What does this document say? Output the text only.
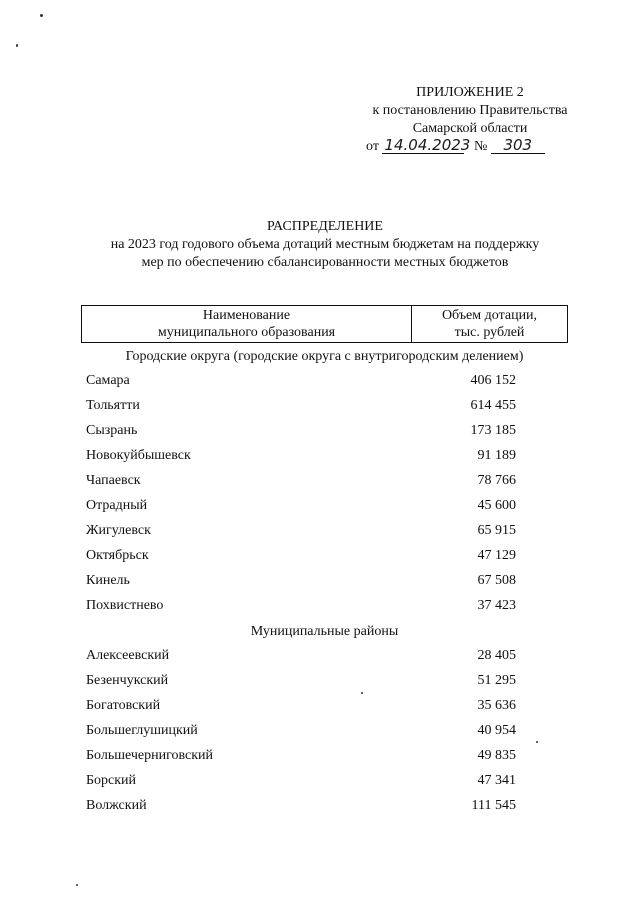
ПРИЛОЖЕНИЕ 2
к постановлению Правительства
Самарской области
от 14.04.2023 № 303
РАСПРЕДЕЛЕНИЕ
на 2023 год годового объема дотаций местным бюджетам на поддержку
мер по обеспечению сбалансированности местных бюджетов
Наименование
муниципального образования
Объем дотации,
тыс. рублей
Городские округа (городские округа с внутригородским делением)
Самара	406 152
Тольятти	614 455
Сызрань	173 185
Новокуйбышевск	91 189
Чапаевск	78 766
Отрадный	45 600
Жигулевск	65 915
Октябрьск	47 129
Кинель	67 508
Похвистнево	37 423
Муниципальные районы
Алексеевский	28 405
Безенчукский	51 295
Богатовский	35 636
Большеглушицкий	40 954
Большечерниговский	49 835
Борский	47 341
Волжский	111 545
